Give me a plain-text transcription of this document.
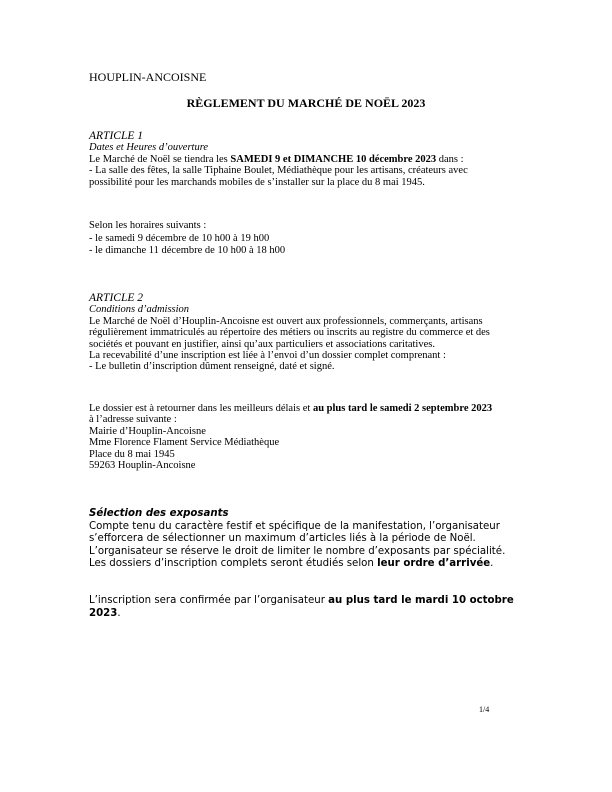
HOUPLIN-ANCOISNE
RÈGLEMENT DU MARCHÉ DE NOËL 2023
ARTICLE 1
Dates et Heures d’ouverture
Le Marché de Noël se tiendra les SAMEDI 9 et DIMANCHE 10 décembre 2023 dans :
- La salle des fêtes, la salle Tiphaine Boulet, Médiathèque pour les artisans, créateurs avec
possibilité pour les marchands mobiles de s’installer sur la place du 8 mai 1945.
Selon les horaires suivants :
- le samedi 9 décembre de 10 h00 à 19 h00
- le dimanche 11 décembre de 10 h00 à 18 h00
ARTICLE 2
Conditions d’admission
Le Marché de Noël d’Houplin-Ancoisne est ouvert aux professionnels, commerçants, artisans
régulièrement immatriculés au répertoire des métiers ou inscrits au registre du commerce et des
sociétés et pouvant en justifier, ainsi qu’aux particuliers et associations caritatives.
La recevabilité d’une inscription est liée à l’envoi d’un dossier complet comprenant :
- Le bulletin d’inscription dûment renseigné, daté et signé.
Le dossier est à retourner dans les meilleurs délais et au plus tard le samedi 2 septembre 2023
à l’adresse suivante :
Mairie d’Houplin-Ancoisne
Mme Florence Flament Service Médiathèque
Place du 8 mai 1945
59263 Houplin-Ancoisne
Sélection des exposants
Compte tenu du caractère festif et spécifique de la manifestation, l’organisateur
s’efforcera de sélectionner un maximum d’articles liés à la période de Noël.
L’organisateur se réserve le droit de limiter le nombre d’exposants par spécialité.
Les dossiers d’inscription complets seront étudiés selon leur ordre d’arrivée.
L’inscription sera confirmée par l’organisateur au plus tard le mardi 10 octobre
2023.
1/4
